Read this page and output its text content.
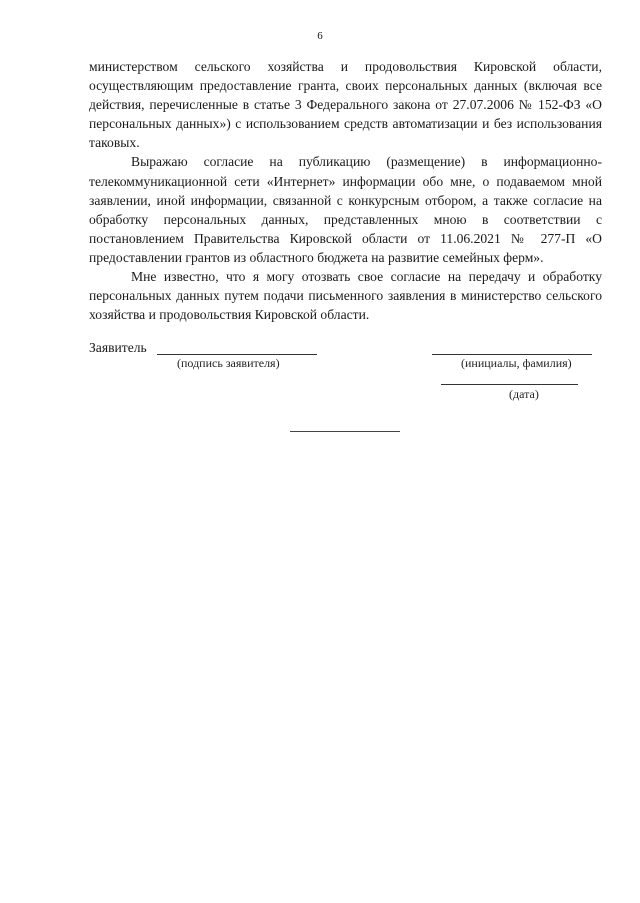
6

министерством сельского хозяйства и продовольствия Кировской области, осуществляющим предоставление гранта, своих персональных данных (включая все действия, перечисленные в статье 3 Федерального закона от 27.07.2006 № 152-ФЗ «О персональных данных») с использованием средств автоматизации и без использования таковых.

Выражаю согласие на публикацию (размещение) в информационно-телекоммуникационной сети «Интернет» информации обо мне, о подаваемом мной заявлении, иной информации, связанной с конкурсным отбором, а также согласие на обработку персональных данных, представленных мною в соответствии с постановлением Правительства Кировской области от 11.06.2021 № 277-П «О предоставлении грантов из областного бюджета на развитие семейных ферм».

Мне известно, что я могу отозвать свое согласие на передачу и обработку персональных данных путем подачи письменного заявления в министерство сельского хозяйства и продовольствия Кировской области.

Заявитель
(подпись заявителя)	(инициалы, фамилия)
(дата)
